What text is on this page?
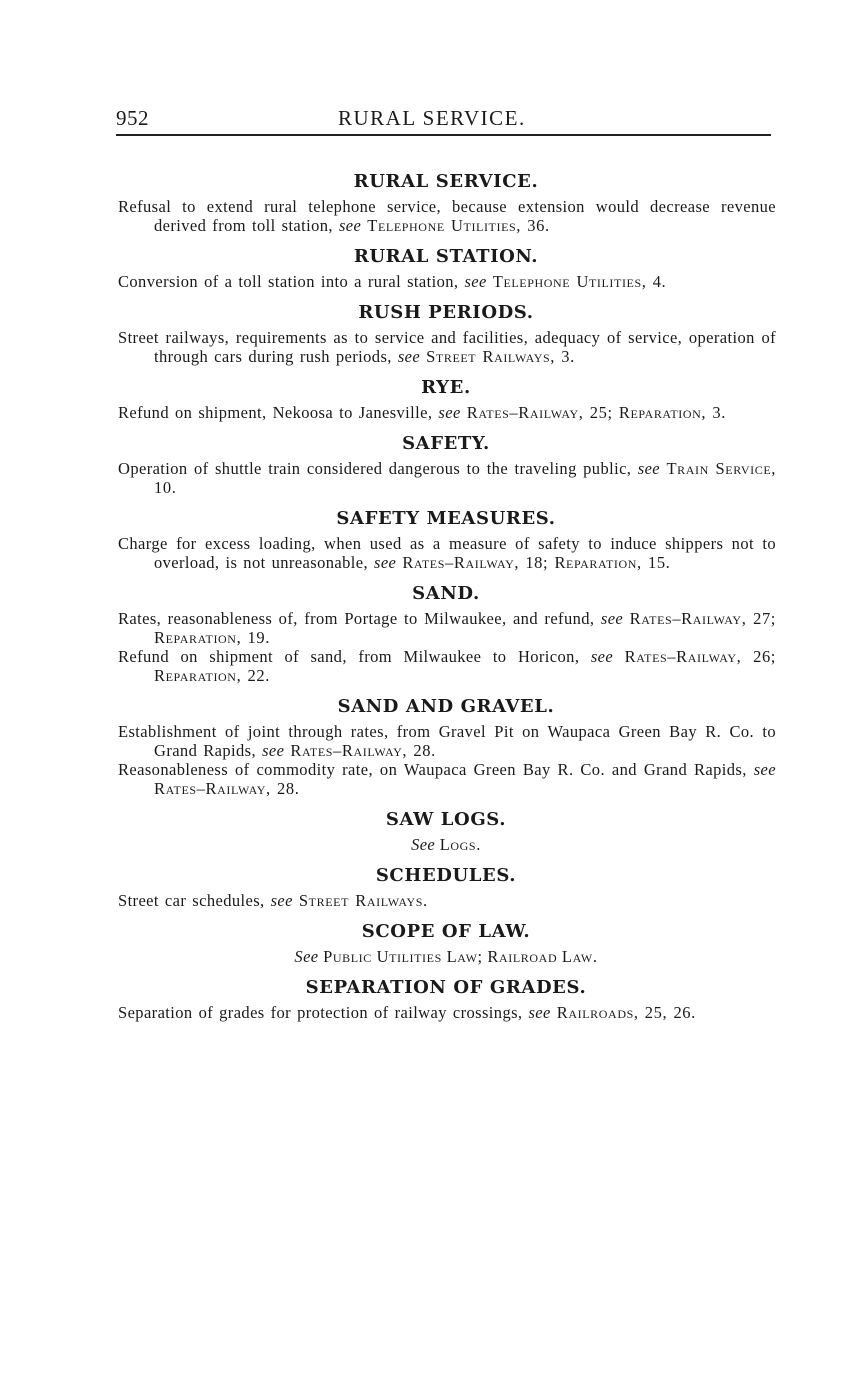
952	RURAL SERVICE.
RURAL SERVICE.

Refusal to extend rural telephone service, because extension would decrease revenue derived from toll station, see Telephone Utilities, 36.

RURAL STATION.

Conversion of a toll station into a rural station, see Telephone Utilities, 4.

RUSH PERIODS.

Street railways, requirements as to service and facilities, adequacy of service, operation of through cars during rush periods, see Street Railways, 3.

RYE.

Refund on shipment, Nekoosa to Janesville, see Rates–Railway, 25; Reparation, 3.

SAFETY.

Operation of shuttle train considered dangerous to the traveling public, see Train Service, 10.

SAFETY MEASURES.

Charge for excess loading, when used as a measure of safety to induce shippers not to overload, is not unreasonable, see Rates–Railway, 18; Reparation, 15.

SAND.

Rates, reasonableness of, from Portage to Milwaukee, and refund, see Rates–Railway, 27; Reparation, 19.

Refund on shipment of sand, from Milwaukee to Horicon, see Rates–Railway, 26; Reparation, 22.

SAND AND GRAVEL.

Establishment of joint through rates, from Gravel Pit on Waupaca Green Bay R. Co. to Grand Rapids, see Rates–Railway, 28.

Reasonableness of commodity rate, on Waupaca Green Bay R. Co. and Grand Rapids, see Rates–Railway, 28.

SAW LOGS.

See Logs.

SCHEDULES.

Street car schedules, see Street Railways.

SCOPE OF LAW.

See Public Utilities Law; Railroad Law.

SEPARATION OF GRADES.

Separation of grades for protection of railway crossings, see Railroads, 25, 26.
